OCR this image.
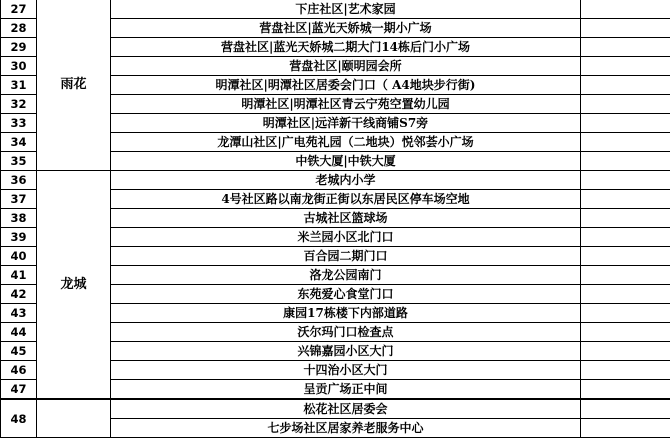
27	雨花	下庄社区|艺术家园	
28		营盘社区|蓝光天娇城一期小广场	
29		营盘社区|蓝光天娇城二期大门14栋后门小广场	
30		营盘社区|颐明园会所	
31		明潭社区|明潭社区居委会门口（ A4地块步行街)	
32		明潭社区|明潭社区青云宁苑空置幼儿园	
33		明潭社区|远洋新干线商铺S7旁	
34		龙潭山社区|广电苑礼园（二地块）悦邻荟小广场	
35		中铁大厦|中铁大厦	
36	龙城	老城内小学	
37		4号社区路以南龙街正街以东居民区停车场空地	
38		古城社区篮球场	
39		米兰园小区北门口	
40		百合园二期门口	
41		洛龙公园南门	
42		东苑爱心食堂门口	
43		康园17栋楼下内部道路	
44		沃尔玛门口检查点	
45		兴锦嘉园小区大门	
46		十四治小区大门	
47		呈贡广场正中间	
48		松花社区居委会	
		七步场社区居家养老服务中心	
